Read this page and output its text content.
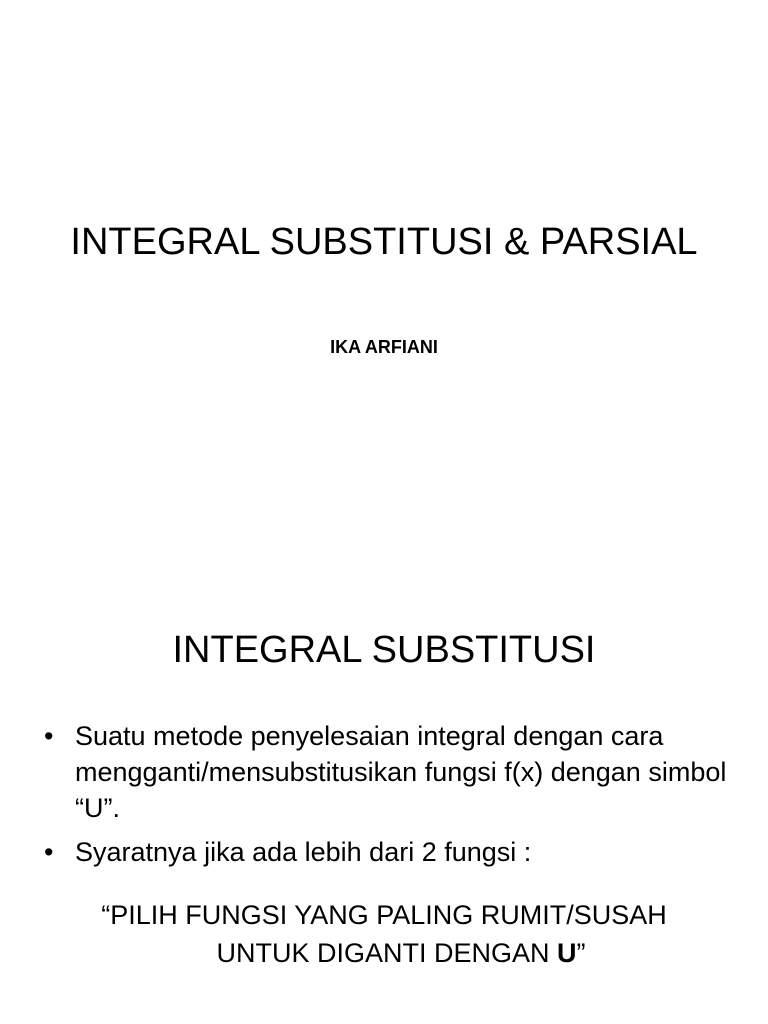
INTEGRAL SUBSTITUSI & PARSIAL
IKA ARFIANI
INTEGRAL SUBSTITUSI
• Suatu metode penyelesaian integral dengan cara mengganti/mensubstitusikan fungsi f(x) dengan simbol “U”.
• Syaratnya jika ada lebih dari 2 fungsi :
“PILIH FUNGSI YANG PALING RUMIT/SUSAH
UNTUK DIGANTI DENGAN U”
